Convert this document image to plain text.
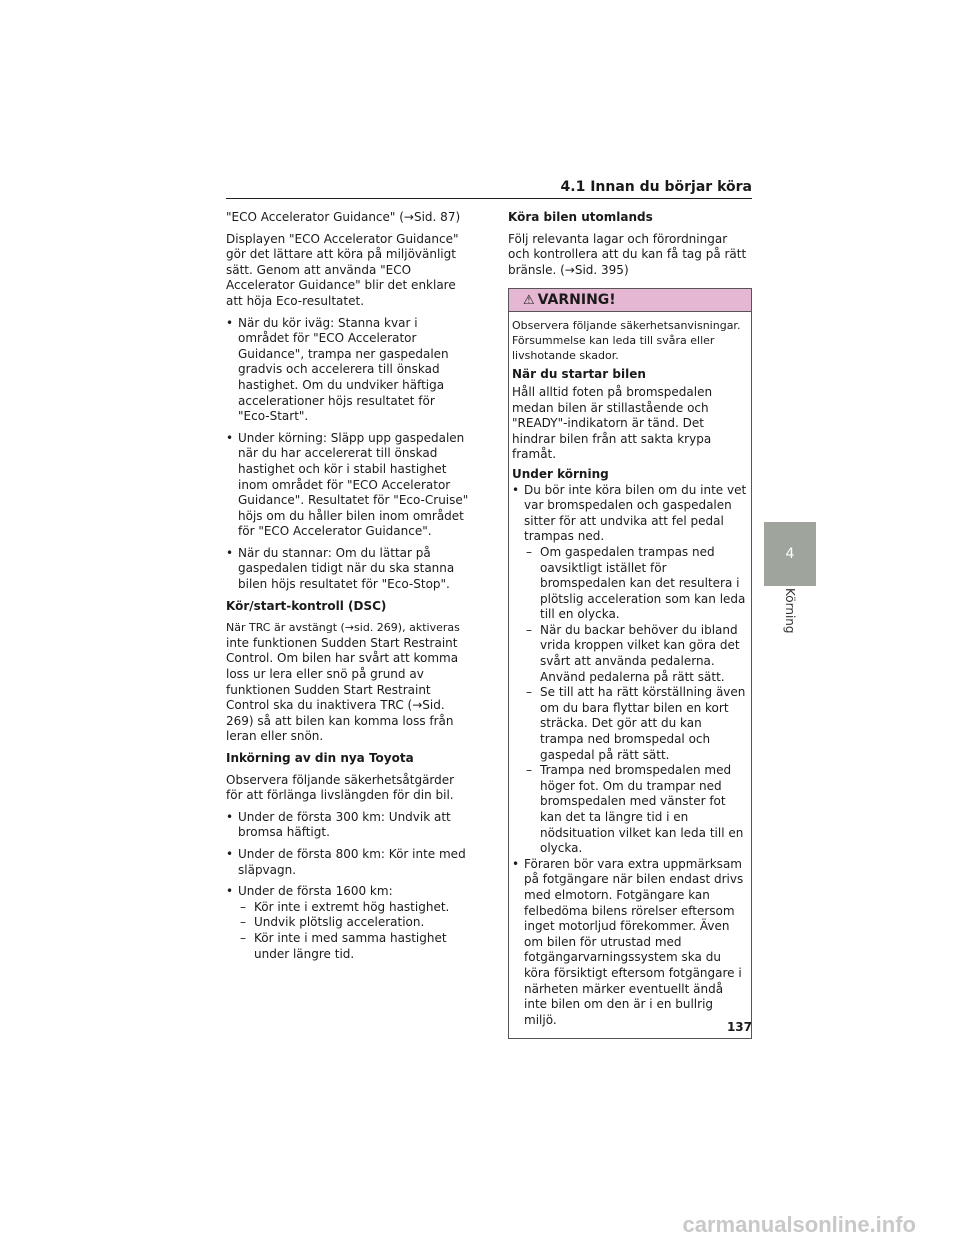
4.1 Innan du börjar köra

"ECO Accelerator Guidance" (→Sid. 87)

Displayen "ECO Accelerator Guidance" gör det lättare att köra på miljövänligt sätt. Genom att använda "ECO Accelerator Guidance" blir det enklare att höja Eco-resultatet.

• När du kör iväg: Stanna kvar i området för "ECO Accelerator Guidance", trampa ner gaspedalen gradvis och accelerera till önskad hastighet. Om du undviker häftiga accelerationer höjs resultatet för "Eco-Start".
• Under körning: Släpp upp gaspedalen när du har accelererat till önskad hastighet och kör i stabil hastighet inom området för "ECO Accelerator Guidance". Resultatet för "Eco-Cruise" höjs om du håller bilen inom området för "ECO Accelerator Guidance".
• När du stannar: Om du lättar på gaspedalen tidigt när du ska stanna bilen höjs resultatet för "Eco-Stop".

Kör/start-kontroll (DSC)

När TRC är avstängt (→sid. 269), aktiveras inte funktionen Sudden Start Restraint Control. Om bilen har svårt att komma loss ur lera eller snö på grund av funktionen Sudden Start Restraint Control ska du inaktivera TRC (→Sid. 269) så att bilen kan komma loss från leran eller snön.

Inkörning av din nya Toyota

Observera följande säkerhetsåtgärder för att förlänga livslängden för din bil.

• Under de första 300 km: Undvik att bromsa häftigt.
• Under de första 800 km: Kör inte med släpvagn.
• Under de första 1600 km:
– Kör inte i extremt hög hastighet.
– Undvik plötslig acceleration.
– Kör inte i med samma hastighet under längre tid.

Köra bilen utomlands

Följ relevanta lagar och förordningar och kontrollera att du kan få tag på rätt bränsle. (→Sid. 395)

⚠ VARNING!

Observera följande säkerhetsanvisningar. Försummelse kan leda till svåra eller livshotande skador.

När du startar bilen

Håll alltid foten på bromspedalen medan bilen är stillastående och "READY"-indikatorn är tänd. Det hindrar bilen från att sakta krypa framåt.

Under körning

• Du bör inte köra bilen om du inte vet var bromspedalen och gaspedalen sitter för att undvika att fel pedal trampas ned.
– Om gaspedalen trampas ned oavsiktligt istället för bromspedalen kan det resultera i plötslig acceleration som kan leda till en olycka.
– När du backar behöver du ibland vrida kroppen vilket kan göra det svårt att använda pedalerna. Använd pedalerna på rätt sätt.
– Se till att ha rätt körställning även om du bara flyttar bilen en kort sträcka. Det gör att du kan trampa ned bromspedal och gaspedal på rätt sätt.
– Trampa ned bromspedalen med höger fot. Om du trampar ned bromspedalen med vänster fot kan det ta längre tid i en nödsituation vilket kan leda till en olycka.
• Föraren bör vara extra uppmärksam på fotgängare när bilen endast drivs med elmotorn. Fotgängare kan felbedöma bilens rörelser eftersom inget motorljud förekommer. Även om bilen för utrustad med fotgängarvarningssystem ska du köra försiktigt eftersom fotgängare i närheten märker eventuellt ändå inte bilen om den är i en bullrig miljö.
4
Körning
137
carmanualsonline.info
